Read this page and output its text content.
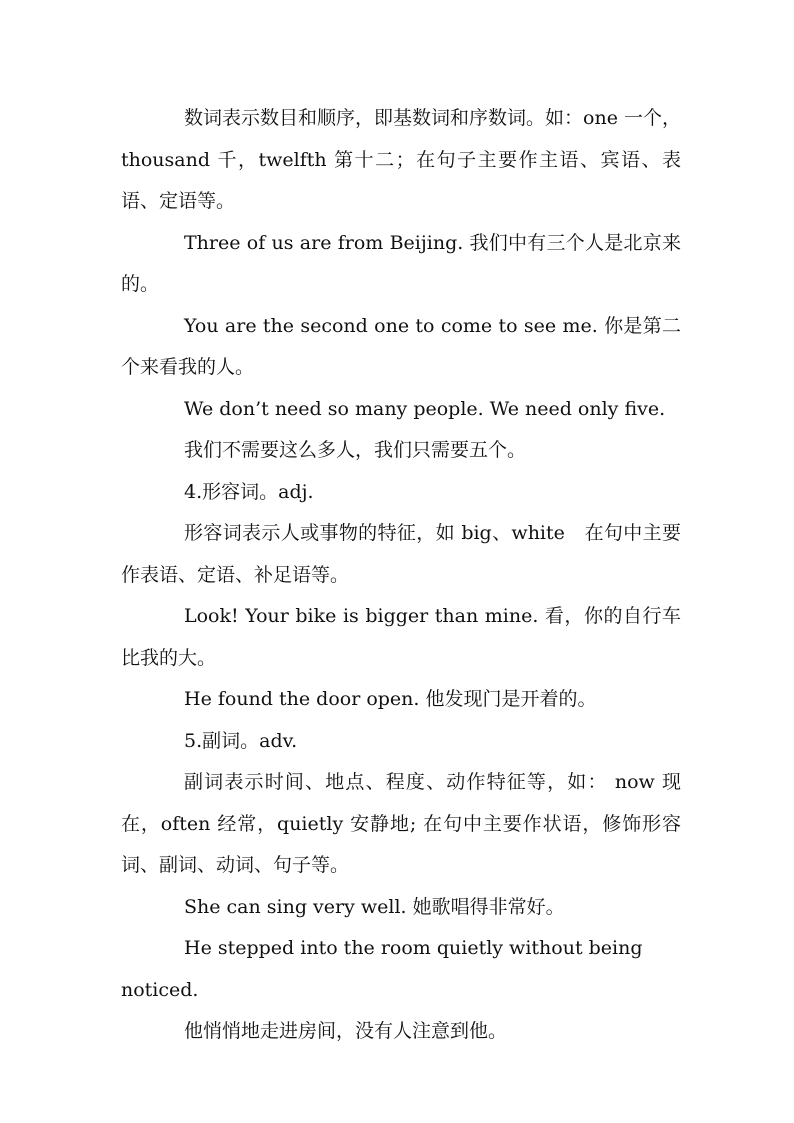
数词表示数目和顺序，即基数词和序数词。如：one 一个，thousand 千，twelfth 第十二；在句子主要作主语、宾语、表语、定语等。

Three of us are from Beijing. 我们中有三个人是北京来的。

You are the second one to come to see me. 你是第二个来看我的人。

We don’t need so many people. We need only five.

我们不需要这么多人，我们只需要五个。

4.形容词。adj.

形容词表示人或事物的特征，如 big、white　在句中主要作表语、定语、补足语等。

Look! Your bike is bigger than mine. 看，你的自行车比我的大。

He found the door open. 他发现门是开着的。

5.副词。adv.

副词表示时间、地点、程度、动作特征等，如： now 现在，often 经常，quietly 安静地; 在句中主要作状语，修饰形容词、副词、动词、句子等。

She can sing very well. 她歌唱得非常好。

He stepped into the room quietly without being noticed.

他悄悄地走进房间，没有人注意到他。
